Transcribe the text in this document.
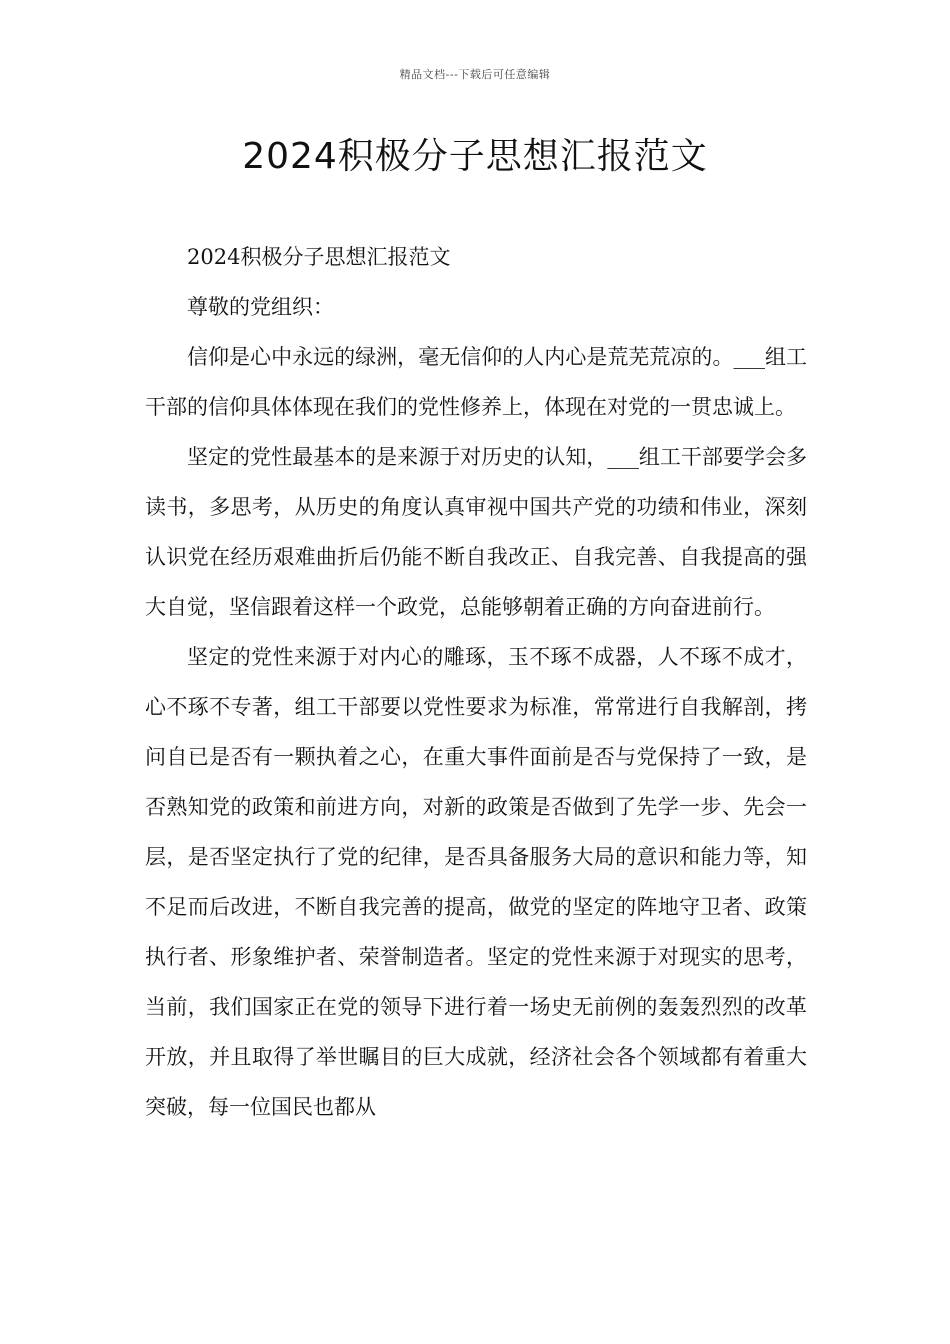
精品文档---下载后可任意编辑
2024积极分子思想汇报范文

2024积极分子思想汇报范文

尊敬的党组织：

信仰是心中永远的绿洲，毫无信仰的人内心是荒芜荒凉的。___组工干部的信仰具体体现在我们的党性修养上，体现在对党的一贯忠诚上。

坚定的党性最基本的是来源于对历史的认知，___组工干部要学会多读书，多思考，从历史的角度认真审视中国共产党的功绩和伟业，深刻认识党在经历艰难曲折后仍能不断自我改正、自我完善、自我提高的强大自觉，坚信跟着这样一个政党，总能够朝着正确的方向奋进前行。

坚定的党性来源于对内心的雕琢，玉不琢不成器，人不琢不成才，心不琢不专著，组工干部要以党性要求为标准，常常进行自我解剖，拷问自已是否有一颗执着之心，在重大事件面前是否与党保持了一致，是否熟知党的政策和前进方向，对新的政策是否做到了先学一步、先会一层，是否坚定执行了党的纪律，是否具备服务大局的意识和能力等，知不足而后改进，不断自我完善的提高，做党的坚定的阵地守卫者、政策执行者、形象维护者、荣誉制造者。坚定的党性来源于对现实的思考，当前，我们国家正在党的领导下进行着一场史无前例的轰轰烈烈的改革开放，并且取得了举世瞩目的巨大成就，经济社会各个领域都有着重大突破，每一位国民也都从
